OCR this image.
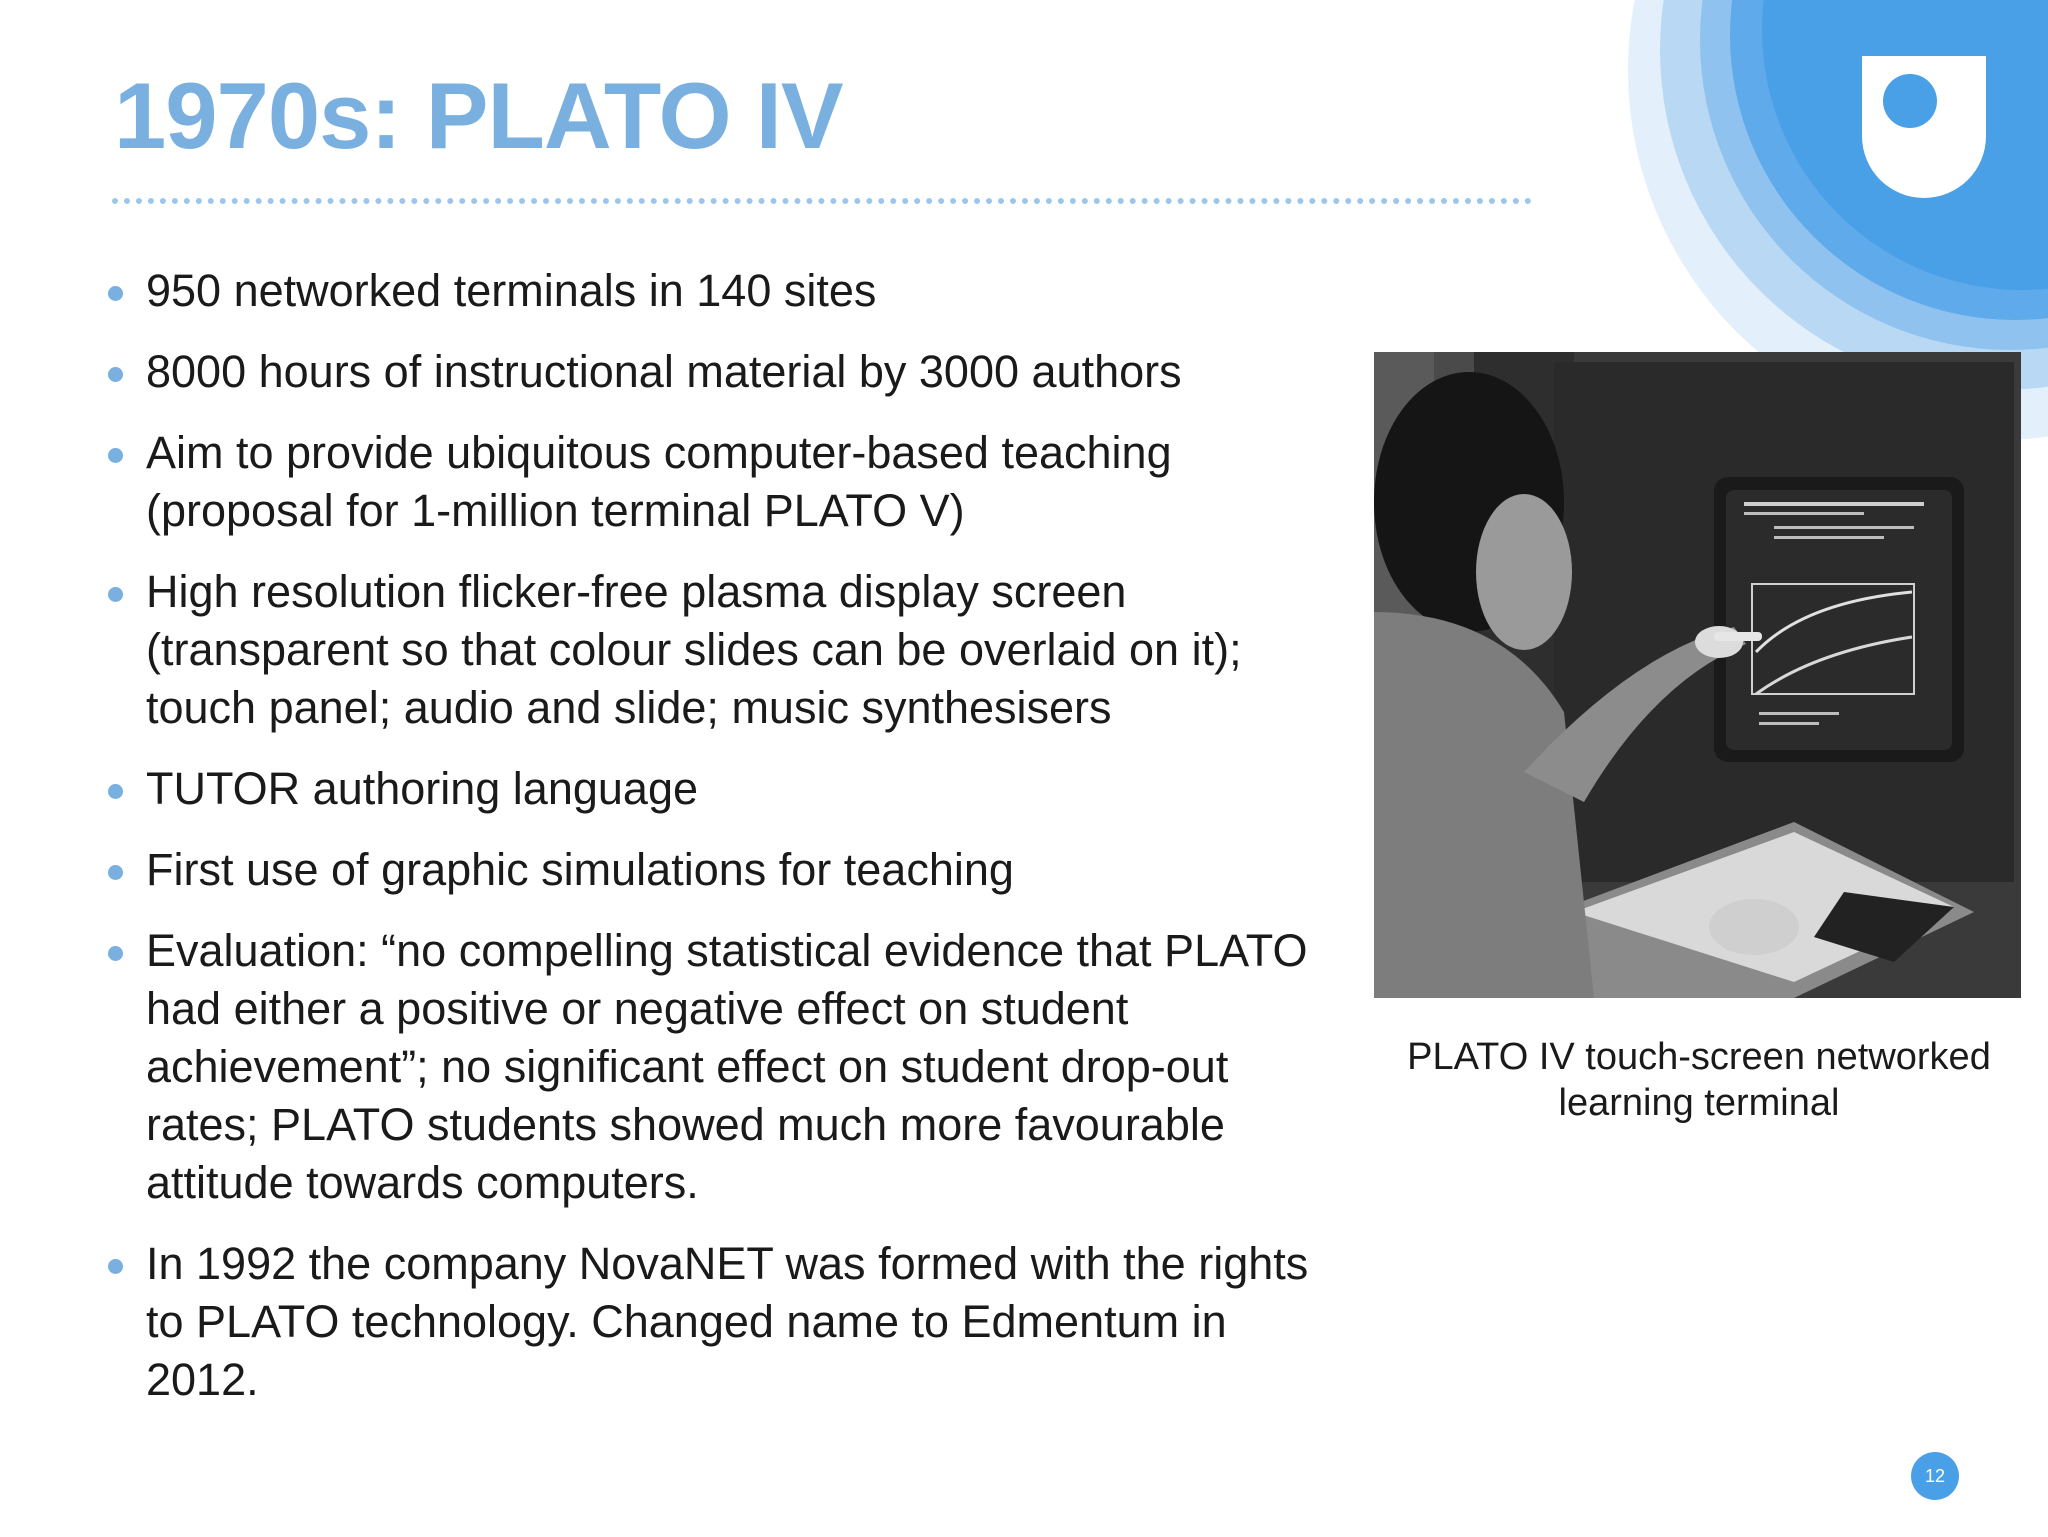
1970s: PLATO IV
950 networked terminals in 140 sites
8000 hours of instructional material by 3000 authors
Aim to provide ubiquitous computer-based teaching (proposal for 1-million terminal PLATO V)
High resolution flicker-free plasma display screen (transparent so that colour slides can be overlaid on it); touch panel; audio and slide; music synthesisers
TUTOR authoring language
First use of graphic simulations for teaching
Evaluation: “no compelling statistical evidence that PLATO had either a positive or negative effect on student achievement”; no significant effect on student drop-out rates; PLATO students showed much more favourable attitude towards computers.
In 1992 the company NovaNET was formed with the rights to PLATO technology. Changed name to Edmentum in 2012.

PLATO IV touch-screen networked learning terminal

12
